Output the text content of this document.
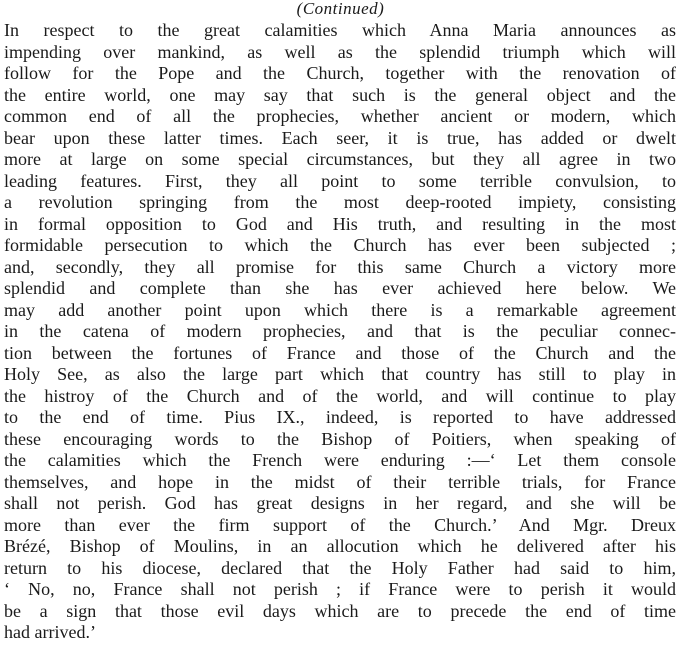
(Continued)
In respect to the great calamities which Anna Maria announces as
impending over mankind, as well as the splendid triumph which will
follow for the Pope and the Church, together with the renovation of
the entire world, one may say that such is the general object and the
common end of all the prophecies, whether ancient or modern, which
bear upon these latter times. Each seer, it is true, has added or dwelt
more at large on some special circumstances, but they all agree in two
leading features. First, they all point to some terrible convulsion, to
a revolution springing from the most deep-rooted impiety, consisting
in formal opposition to God and His truth, and resulting in the most
formidable persecution to which the Church has ever been subjected ;
and, secondly, they all promise for this same Church a victory more
splendid and complete than she has ever achieved here below. We
may add another point upon which there is a remarkable agreement
in the catena of modern prophecies, and that is the peculiar connec-
tion between the fortunes of France and those of the Church and the
Holy See, as also the large part which that country has still to play in
the histroy of the Church and of the world, and will continue to play
to the end of time. Pius IX., indeed, is reported to have addressed
these encouraging words to the Bishop of Poitiers, when speaking of
the calamities which the French were enduring :—‘ Let them console
themselves, and hope in the midst of their terrible trials, for France
shall not perish. God has great designs in her regard, and she will be
more than ever the firm support of the Church.’ And Mgr. Dreux
Brézé, Bishop of Moulins, in an allocution which he delivered after his
return to his diocese, declared that the Holy Father had said to him,
‘ No, no, France shall not perish ; if France were to perish it would
be a sign that those evil days which are to precede the end of time
had arrived.’
